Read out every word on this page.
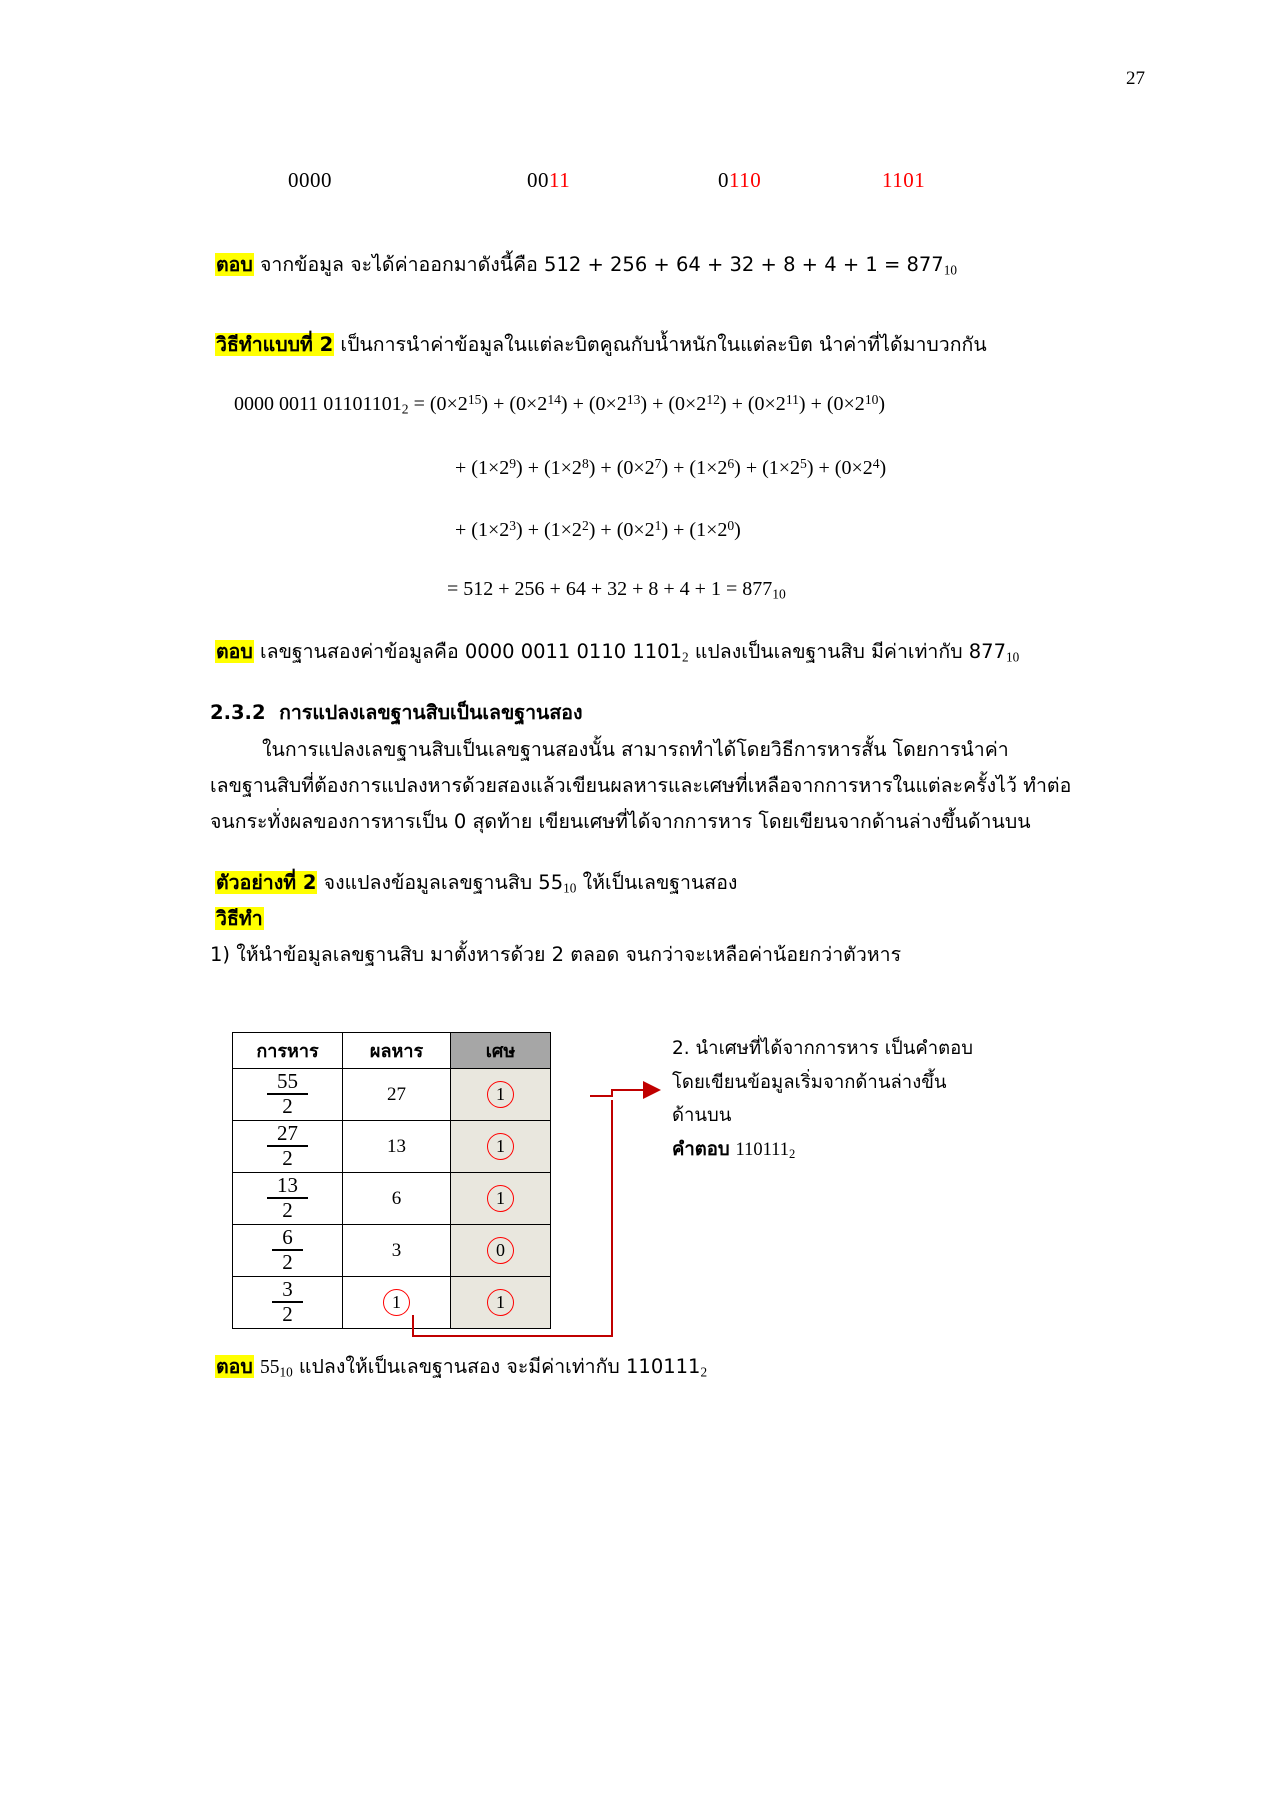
27
0000	0011	0110	1101
ตอบ จากข้อมูล จะได้ค่าออกมาดังนี้คือ $512 + 256 + 64 + 32 + 8 + 4 + 1 = 877_{10}$
วิธีทำแบบที่ 2 เป็นการนำค่าข้อมูลในแต่ละบิตคูณกับน้ำหนักในแต่ละบิต นำค่าที่ได้มาบวกกัน
0000 0011 $01101101_2 = (0\times 2^{15}) + (0\times 2^{14}) + (0\times 2^{13}) + (0\times 2^{12}) + (0\times 2^{11}) + (0\times 2^{10})$
+ $(1\times 2^9) + (1\times 2^8) + (0\times 2^7) + (1\times 2^6) + (1\times 2^5) + (0\times 2^4)$
+ $(1\times 2^3) + (1\times 2^2) + (0\times 2^1) + (1\times 2^0)$
= $512 + 256 + 64 + 32 + 8 + 4 + 1 = 877_{10}$
ตอบ เลขฐานสองค่าข้อมูลคือ 0000 0011 0110 $1101_2$ แปลงเป็นเลขฐานสิบ มีค่าเท่ากับ $877_{10}$
2.3.2 การแปลงเลขฐานสิบเป็นเลขฐานสอง
ในการแปลงเลขฐานสิบเป็นเลขฐานสองนั้น สามารถทำได้โดยวิธีการหารสั้น โดยการนำค่า
เลขฐานสิบที่ต้องการแปลงหารด้วยสองแล้วเขียนผลหารและเศษที่เหลือจากการหารในแต่ละครั้งไว้ ทำต่อ
จนกระทั่งผลของการหารเป็น 0 สุดท้าย เขียนเศษที่ได้จากการหาร โดยเขียนจากด้านล่างขึ้นด้านบน
ตัวอย่างที่ 2 จงแปลงข้อมูลเลขฐานสิบ $55_{10}$ ให้เป็นเลขฐานสอง
วิธีทำ
1) ให้นำข้อมูลเลขฐานสิบ มาตั้งหารด้วย 2 ตลอด จนกว่าจะเหลือค่าน้อยกว่าตัวหาร
การหาร	ผลหาร	เศษ

$\frac{55}{2}$	27	1

$\frac{27}{2}$	13	1

$\frac{13}{2}$	6	1

$\frac{6}{2}$	3	0

$\frac{3}{2}$	1	1
2. นำเศษที่ได้จากการหาร เป็นคำตอบ
โดยเขียนข้อมูลเริ่มจากด้านล่างขึ้น
ด้านบน
คำตอบ $110111_2$
ตอบ $55_{10}$ แปลงให้เป็นเลขฐานสอง จะมีค่าเท่ากับ $110111_2$
